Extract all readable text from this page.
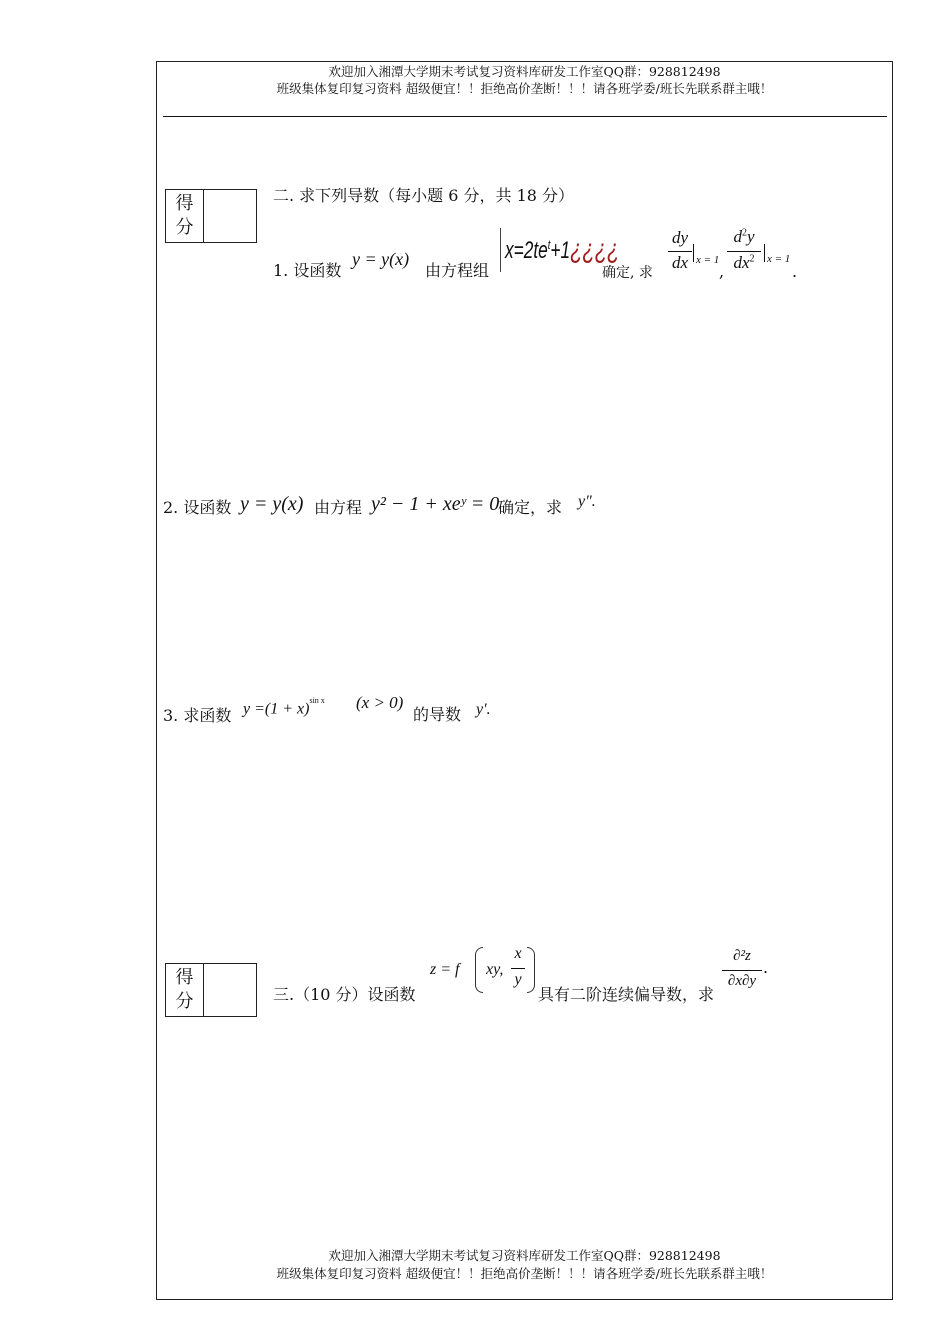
欢迎加入湘潭大学期末考试复习资料库研发工作室QQ群：928812498
班级集体复印复习资料 超级便宜！！拒绝高价垄断！！！请各班学委/班长先联系群主哦！
得
分
二. 求下列导数（每小题 6 分，共 18 分）
1. 设函数
y = y(x)
由方程组
$x=2te^t+1¿¿¿¿$
确定, 求
dy
dx x = 1
,
$d^2y$
$dx^2$	x = 1
.
2. 设函数 y = y(x) 由方程 y² − 1 + xeʸ = 0
确定，求 y″.
3. 求函数 $y =(1 + x)^{sin x}$ (x > 0)
的导数 y′.
得
分	三.（10 分）设函数
z = f xy,
x
y
具有二阶连续偏导数，求
∂²z
∂x∂y
.
欢迎加入湘潭大学期末考试复习资料库研发工作室QQ群：928812498
班级集体复印复习资料 超级便宜！！拒绝高价垄断！！！请各班学委/班长先联系群主哦！
